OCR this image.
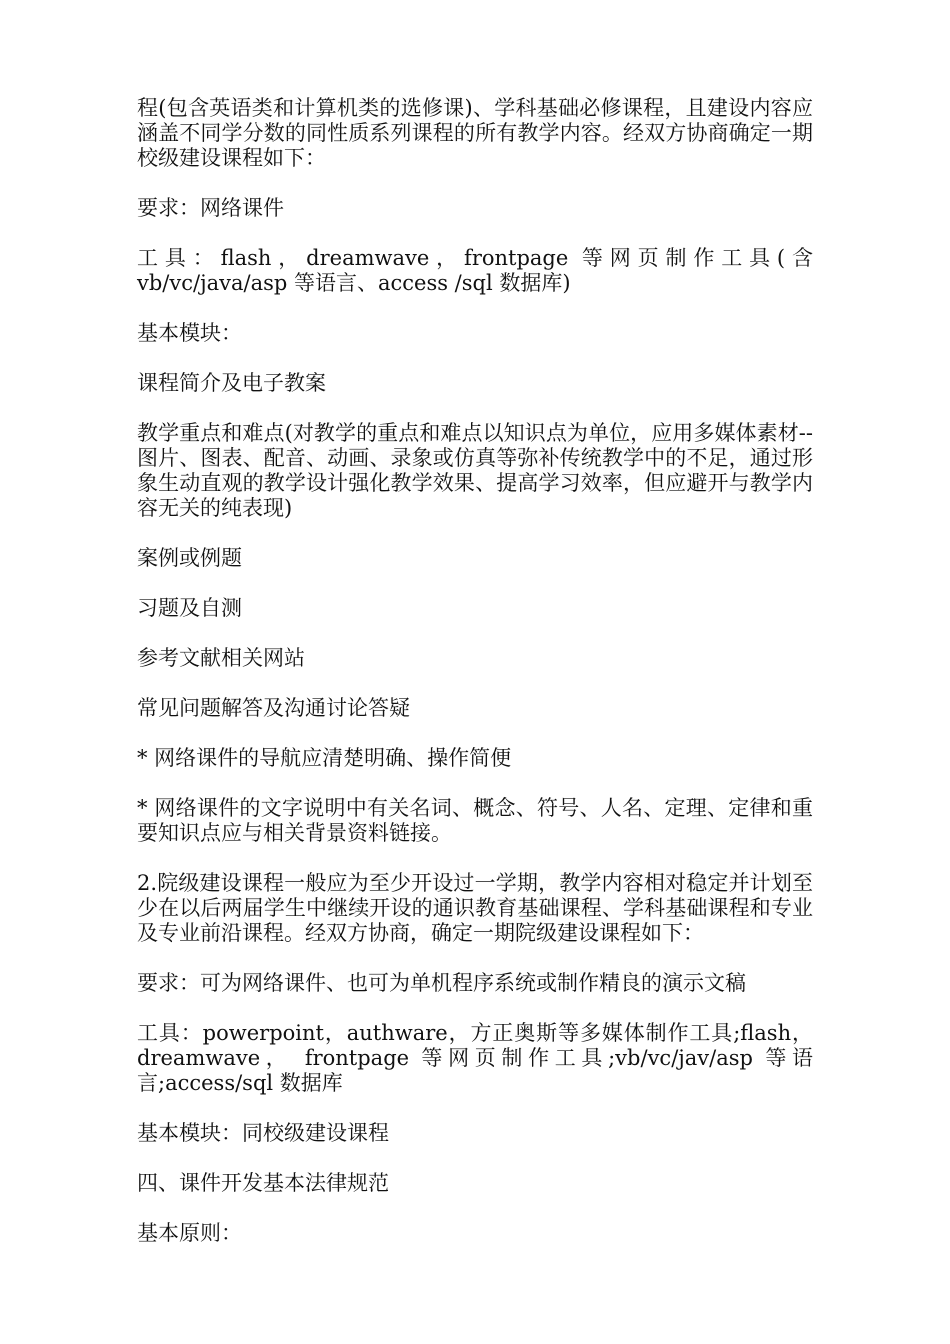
程(包含英语类和计算机类的选修课)、学科基础必修课程，且建设内容应涵盖不同学分数的同性质系列课程的所有教学内容。经双方协商确定一期校级建设课程如下：

要求：网络课件

工具：flash，dreamwave，frontpage 等网页制作工具(含 vb/vc/java/asp 等语言、access /sql 数据库)

基本模块：

课程简介及电子教案

教学重点和难点(对教学的重点和难点以知识点为单位，应用多媒体素材--图片、图表、配音、动画、录象或仿真等弥补传统教学中的不足，通过形象生动直观的教学设计强化教学效果、提高学习效率，但应避开与教学内容无关的纯表现)

案例或例题

习题及自测

参考文献相关网站

常见问题解答及沟通讨论答疑

* 网络课件的导航应清楚明确、操作简便

* 网络课件的文字说明中有关名词、概念、符号、人名、定理、定律和重要知识点应与相关背景资料链接。

2.院级建设课程一般应为至少开设过一学期，教学内容相对稳定并计划至少在以后两届学生中继续开设的通识教育基础课程、学科基础课程和专业及专业前沿课程。经双方协商，确定一期院级建设课程如下：

要求：可为网络课件、也可为单机程序系统或制作精良的演示文稿

工具：powerpoint，authware，方正奥斯等多媒体制作工具;flash，dreamwave， frontpage 等网页制作工具;vb/vc/jav/asp 等语言;access/sql 数据库

基本模块：同校级建设课程

四、课件开发基本法律规范

基本原则：
